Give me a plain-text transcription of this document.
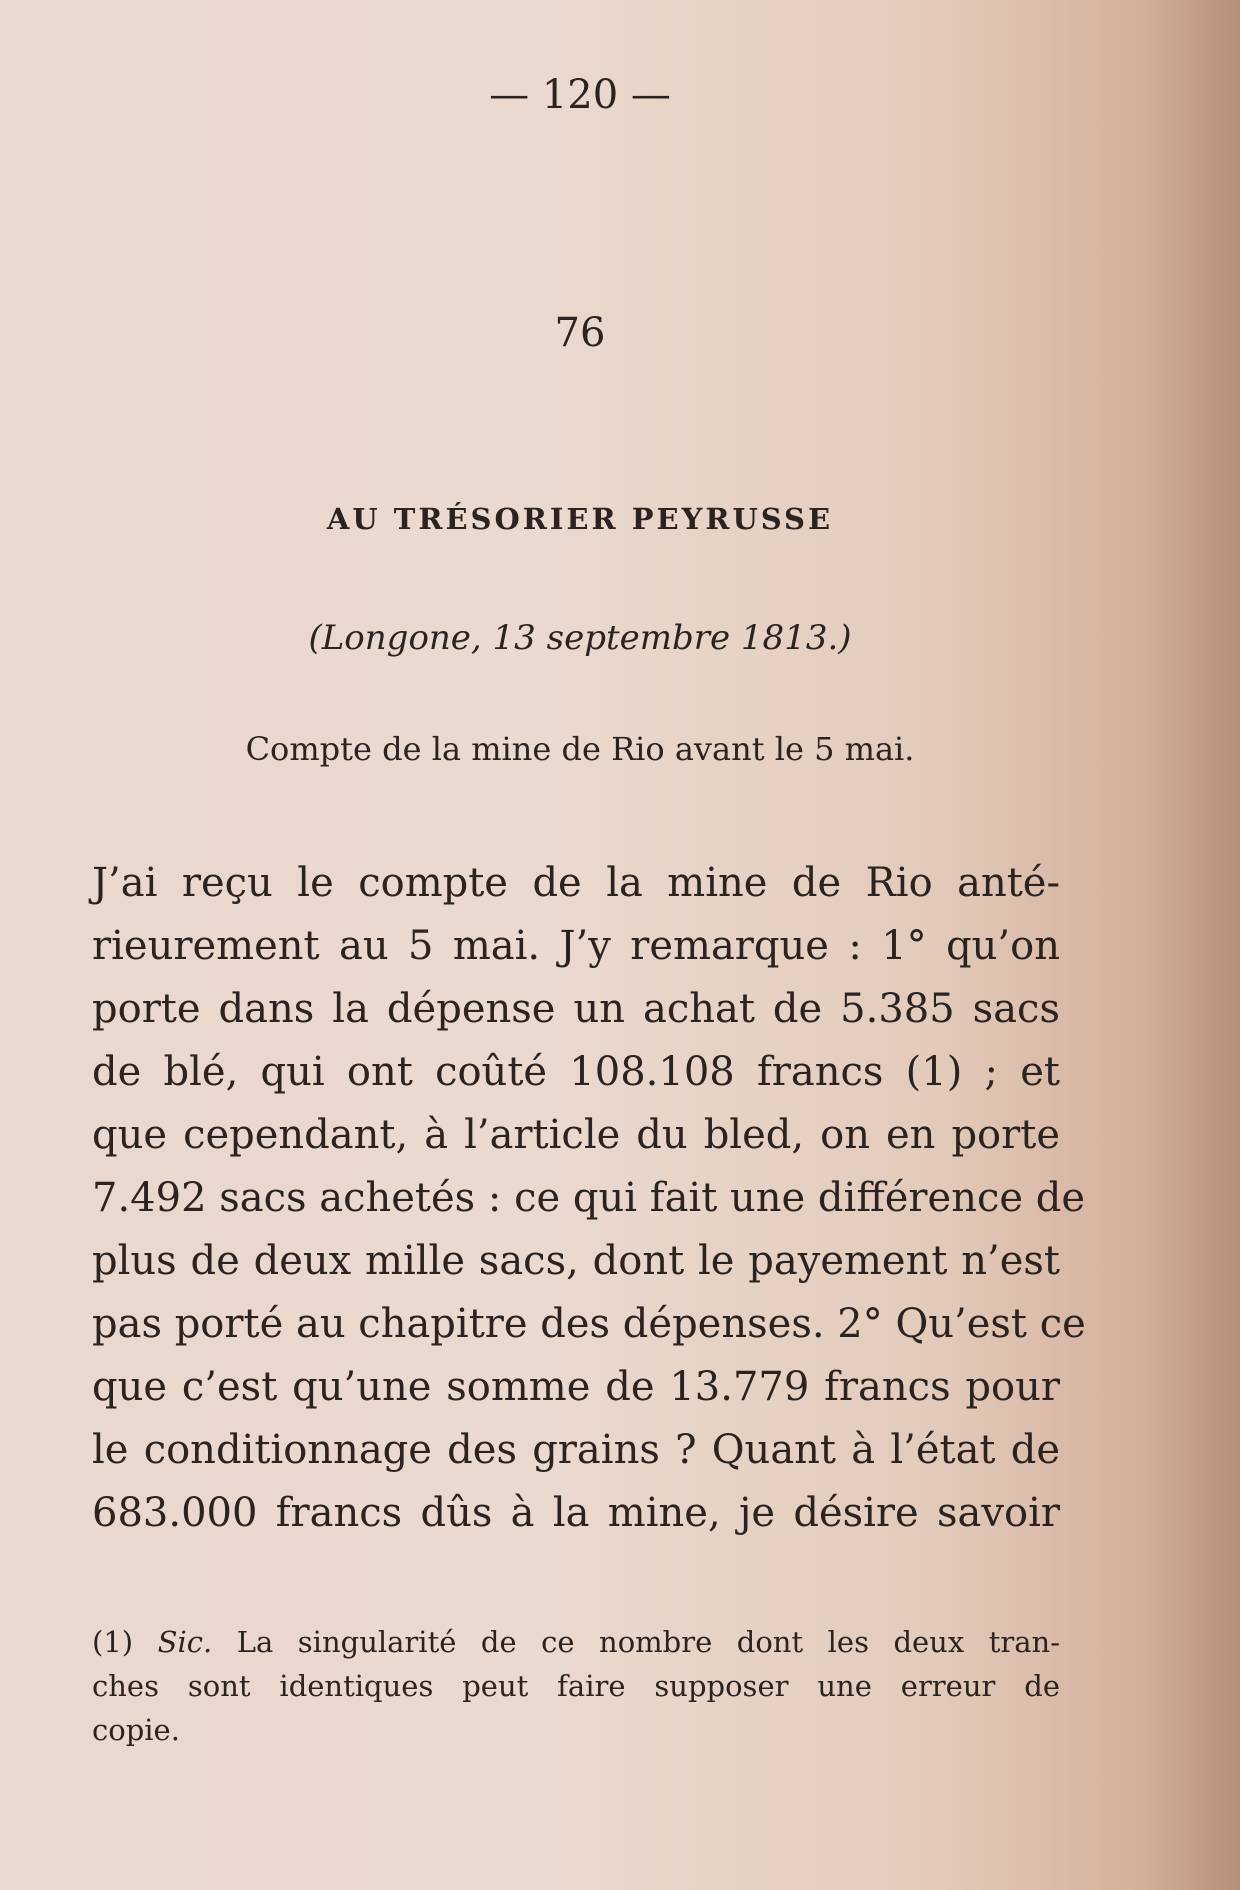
— 120 —
76
AU TRÉSORIER PEYRUSSE
(Longone, 13 septembre 1813.)
Compte de la mine de Rio avant le 5 mai.
J’ai reçu le compte de la mine de Rio anté-
rieurement au 5 mai. J’y remarque : 1° qu’on
porte dans la dépense un achat de 5.385 sacs
de blé, qui ont coûté 108.108 francs (1) ; et
que cependant, à l’article du bled, on en porte
7.492 sacs achetés : ce qui fait une différence de
plus de deux mille sacs, dont le payement n’est
pas porté au chapitre des dépenses. 2° Qu’est ce
que c’est qu’une somme de 13.779 francs pour
le conditionnage des grains ? Quant à l’état de
683.000 francs dûs à la mine, je désire savoir
(1) Sic. La singularité de ce nombre dont les deux tran-
ches sont identiques peut faire supposer une erreur de
copie.
